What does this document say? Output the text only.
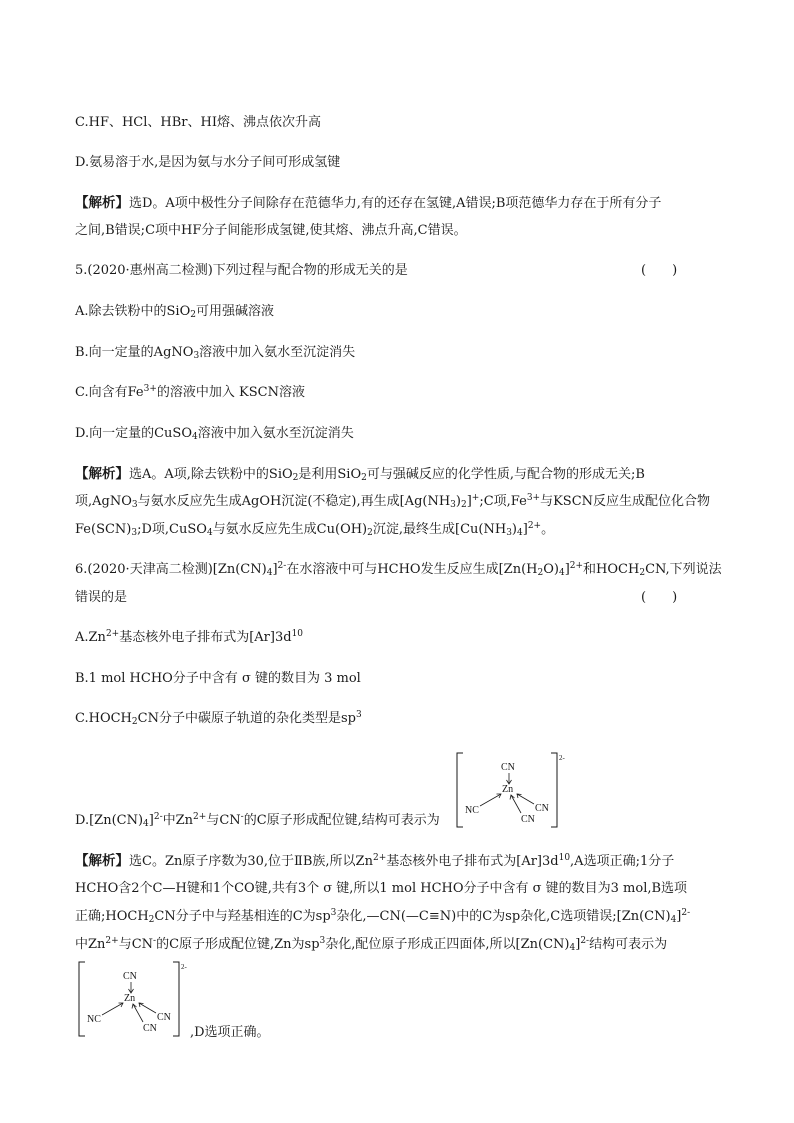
C.HF、HCl、HBr、HI熔、沸点依次升高
D.氨易溶于水,是因为氨与水分子间可形成氢键
【解析】选D。A项中极性分子间除存在范德华力,有的还存在氢键,A错误;B项范德华力存在于所有分子
之间,B错误;C项中HF分子间能形成氢键,使其熔、沸点升高,C错误。
5.(2020·惠州高二检测)下列过程与配合物的形成无关的是	(　　)
A.除去铁粉中的SiO$_2$可用强碱溶液
B.向一定量的AgNO$_3$溶液中加入氨水至沉淀消失
C.向含有$Fe^{3+}$的溶液中加入 KSCN溶液
D.向一定量的CuSO$_4$溶液中加入氨水至沉淀消失
【解析】选A。A项,除去铁粉中的SiO$_2$是利用SiO$_2$可与强碱反应的化学性质,与配合物的形成无关;B
项,AgNO$_3$与氨水反应先生成AgOH沉淀(不稳定),再生成$[Ag(NH_3)_2]^+;C$项$,Fe^{3+}$与KSCN反应生成配位化合物
$Fe(SCN)_3;D$项,CuSO$_4$与氨水反应先生成$Cu(OH)_2$沉淀,最终生成$[Cu(NH_3)_4]^{2+}$。
6.(2020·天津高二检测)$[Zn(CN)_4]^{2-}$在水溶液中可与HCHO发生反应生成$[Zn(H_2O)_4]^{2+}$和$HOCH_2CN$,下列说法
错误的是	(　　)
$A.Zn^{2+}$基态核外电子排布式为$[Ar]3d^{10}$
B.1 mol HCHO分子中含有 σ 键的数目为 3 mol
$C.HOCH_2CN$分子中碳原子轨道的杂化类型是$sp^3$
2-
CN
Zn
NC	CN
CN
$D.[Zn(CN)_4]^{2-}$中$Zn^{2+}$与CN-的C原子形成配位键,结构可表示为
【解析】选C。Zn原子序数为30,位于ⅡB族,所以$Zn^{2+}$基态核外电子排布式为$[Ar]3d^{10},A$选项正确;1分子
HCHO含2个C—H键和1个CO键,共有3个 σ 键,所以1 mol HCHO分子中含有 σ 键的数目为3 mol,B选项
正确$;HOCH_2CN$分子中与羟基相连的C为$sp^3$杂化,—CN(—C≡N)中的C为sp杂化,C选项错误$;[Zn(CN)_4]^{2-}$
中$Zn^{2+}$与CN-的C原子形成配位键,Zn为$sp^3$杂化,配位原子形成正四面体,所以$[Zn(CN)_4]^{2-}$结构可表示为
2-
CN
Zn
NC	CN
CN	,D选项正确。
